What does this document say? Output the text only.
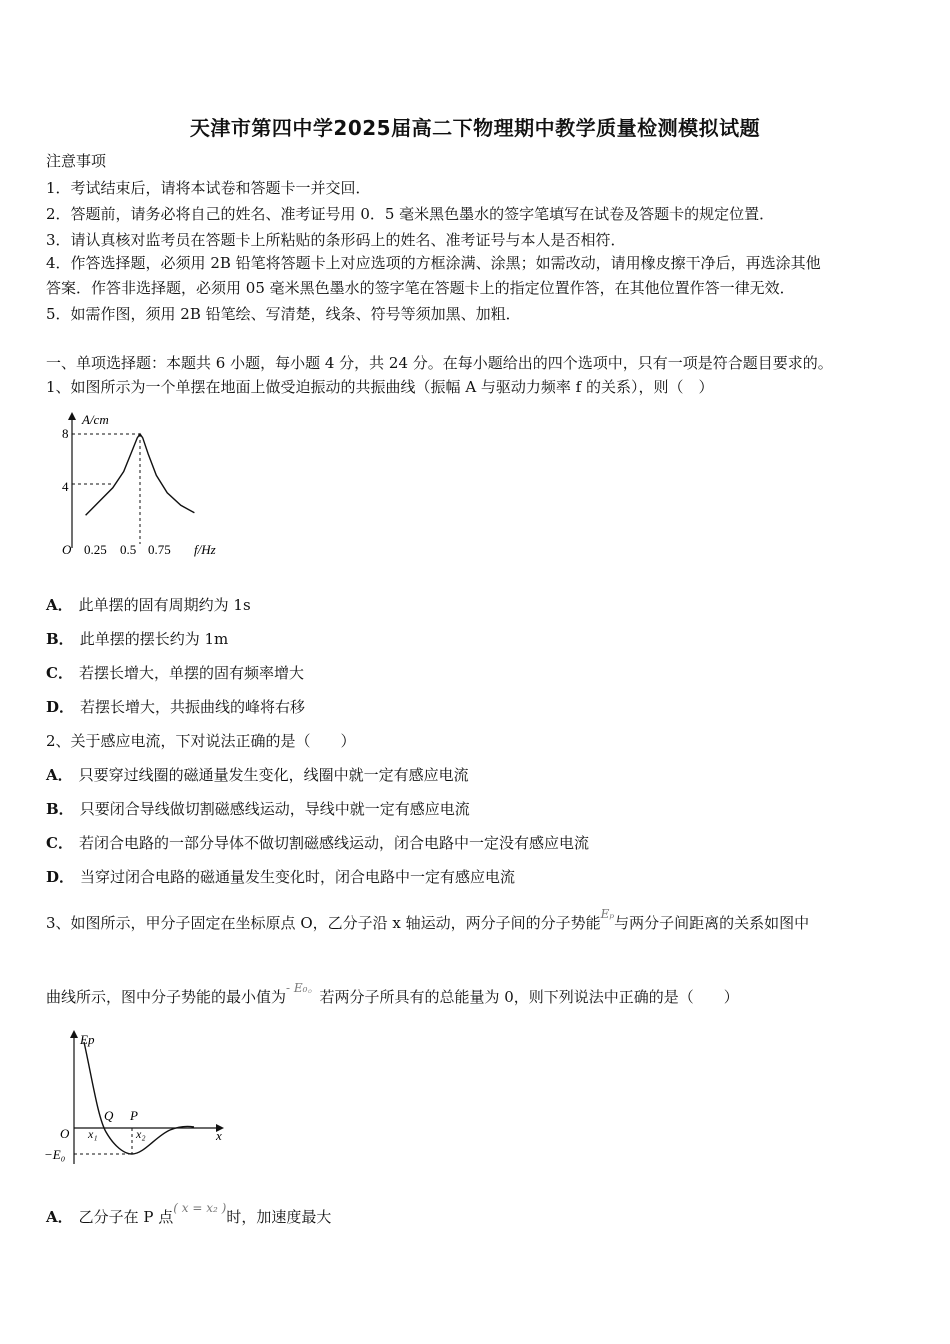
天津市第四中学2025届高二下物理期中教学质量检测模拟试题
注意事项
1．考试结束后，请将本试卷和答题卡一并交回．
2．答题前，请务必将自己的姓名、准考证号用 0．5 毫米黑色墨水的签字笔填写在试卷及答题卡的规定位置．
3．请认真核对监考员在答题卡上所粘贴的条形码上的姓名、准考证号与本人是否相符．
4．作答选择题，必须用 2B 铅笔将答题卡上对应选项的方框涂满、涂黑；如需改动，请用橡皮擦干净后，再选涂其他
答案．作答非选择题，必须用 05 毫米黑色墨水的签字笔在答题卡上的指定位置作答，在其他位置作答一律无效．
5．如需作图，须用 2B 铅笔绘、写清楚，线条、符号等须加黑、加粗．
一、单项选择题：本题共 6 小题，每小题 4 分，共 24 分。在每小题给出的四个选项中，只有一项是符合题目要求的。
1、如图所示为一个单摆在地面上做受迫振动的共振曲线（振幅 A 与驱动力频率 f 的关系），则（　）
A/cm
8
4
O 0.25 0.5 0.75 f/Hz
A． 此单摆的固有周期约为 1s
B． 此单摆的摆长约为 1m
C． 若摆长增大，单摆的固有频率增大
D． 若摆长增大，共振曲线的峰将右移
2、关于感应电流，下对说法正确的是（　　）
A． 只要穿过线圈的磁通量发生变化，线圈中就一定有感应电流
B． 只要闭合导线做切割磁感线运动，导线中就一定有感应电流
C． 若闭合电路的一部分导体不做切割磁感线运动，闭合电路中一定没有感应电流
D． 当穿过闭合电路的磁通量发生变化时，闭合电路中一定有感应电流
3、如图所示，甲分子固定在坐标原点 O，乙分子沿 x 轴运动，两分子间的分子势能$^{E_p}$与两分子间距离的关系如图中
曲线所示，图中分子势能的最小值为$^{- E_0。}$若两分子所具有的总能量为 0，则下列说法中正确的是（　　）
Ep
O	x
Q P
x₁	x₂
−E₀
A． 乙分子在 P 点$^{( x = x_2 )}$时，加速度最大
